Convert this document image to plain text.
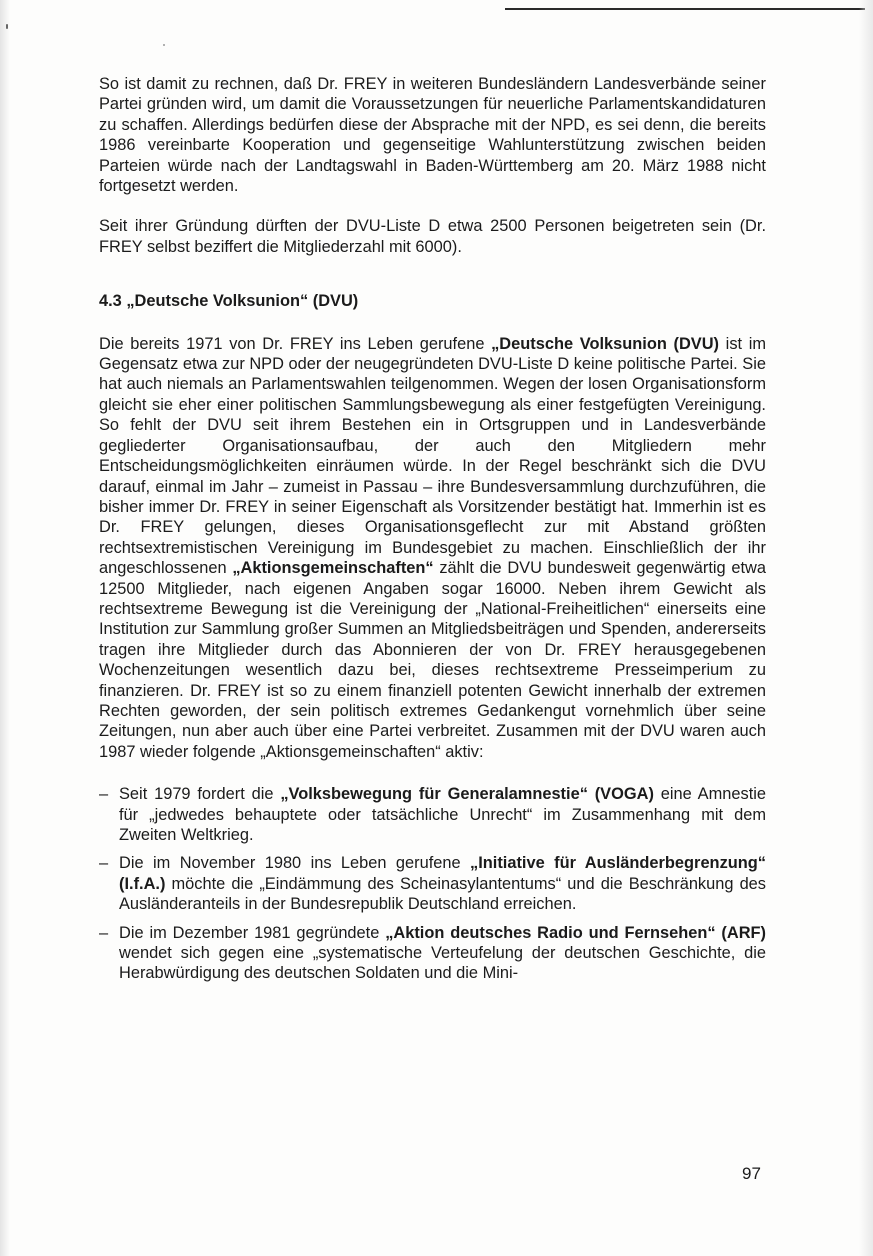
So ist damit zu rechnen, daß Dr. FREY in weiteren Bundesländern Landesverbände seiner Partei gründen wird, um damit die Voraussetzungen für neuerliche Parlamentskandidaturen zu schaffen. Allerdings bedürfen diese der Absprache mit der NPD, es sei denn, die bereits 1986 vereinbarte Kooperation und gegenseitige Wahlunterstützung zwischen beiden Parteien würde nach der Landtagswahl in Baden-Württemberg am 20. März 1988 nicht fortgesetzt werden.

Seit ihrer Gründung dürften der DVU-Liste D etwa 2500 Personen beigetreten sein (Dr. FREY selbst beziffert die Mitgliederzahl mit 6000).

4.3 „Deutsche Volksunion“ (DVU)

Die bereits 1971 von Dr. FREY ins Leben gerufene „Deutsche Volksunion (DVU) ist im Gegensatz etwa zur NPD oder der neugegründeten DVU-Liste D keine politische Partei. Sie hat auch niemals an Parlamentswahlen teilgenommen. Wegen der losen Organisationsform gleicht sie eher einer politischen Sammlungsbewegung als einer festgefügten Vereinigung. So fehlt der DVU seit ihrem Bestehen ein in Ortsgruppen und in Landesverbände gegliederter Organisationsaufbau, der auch den Mitgliedern mehr Entscheidungsmöglichkeiten einräumen würde. In der Regel beschränkt sich die DVU darauf, einmal im Jahr – zumeist in Passau – ihre Bundesversammlung durchzuführen, die bisher immer Dr. FREY in seiner Eigenschaft als Vorsitzender bestätigt hat. Immerhin ist es Dr. FREY gelungen, dieses Organisationsgeflecht zur mit Abstand größten rechtsextremistischen Vereinigung im Bundesgebiet zu machen. Einschließlich der ihr angeschlossenen „Aktionsgemeinschaften“ zählt die DVU bundesweit gegenwärtig etwa 12500 Mitglieder, nach eigenen Angaben sogar 16000. Neben ihrem Gewicht als rechtsextreme Bewegung ist die Vereinigung der „National-Freiheitlichen“ einerseits eine Institution zur Sammlung großer Summen an Mitgliedsbeiträgen und Spenden, andererseits tragen ihre Mitglieder durch das Abonnieren der von Dr. FREY herausgegebenen Wochenzeitungen wesentlich dazu bei, dieses rechtsextreme Presseimperium zu finanzieren. Dr. FREY ist so zu einem finanziell potenten Gewicht innerhalb der extremen Rechten geworden, der sein politisch extremes Gedankengut vornehmlich über seine Zeitungen, nun aber auch über eine Partei verbreitet. Zusammen mit der DVU waren auch 1987 wieder folgende „Aktionsgemeinschaften“ aktiv:

– Seit 1979 fordert die „Volksbewegung für Generalamnestie“ (VOGA) eine Amnestie für „jedwedes behauptete oder tatsächliche Unrecht“ im Zusammenhang mit dem Zweiten Weltkrieg.
– Die im November 1980 ins Leben gerufene „Initiative für Ausländerbegrenzung“ (I.f.A.) möchte die „Eindämmung des Scheinasylantentums“ und die Beschränkung des Ausländeranteils in der Bundesrepublik Deutschland erreichen.
– Die im Dezember 1981 gegründete „Aktion deutsches Radio und Fernsehen“ (ARF) wendet sich gegen eine „systematische Verteufelung der deutschen Geschichte, die Herabwürdigung des deutschen Soldaten und die Mini-
97
